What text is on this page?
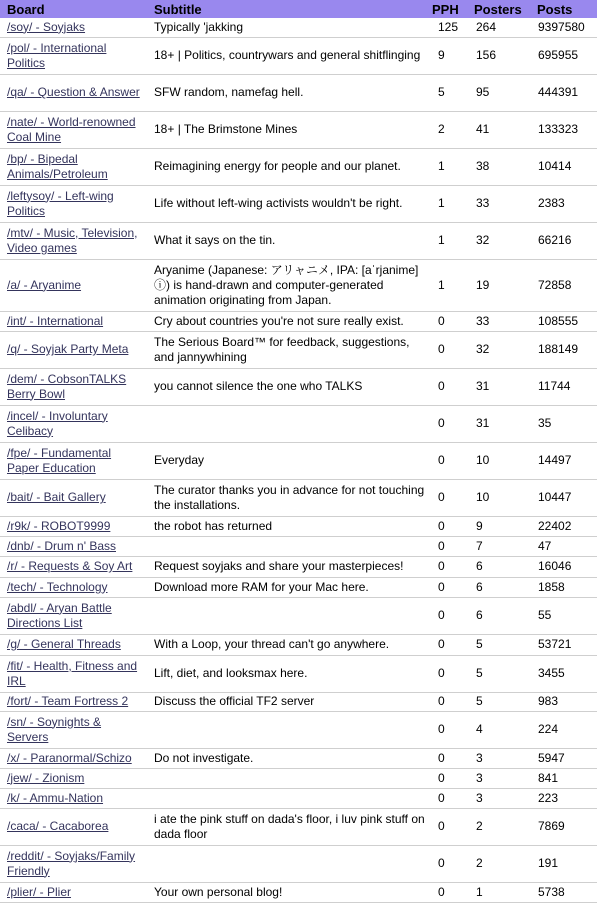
Board	Subtitle	PPH	Posters	Posts
/soy/ - Soyjaks	Typically 'jakking	125	264	9397580
/pol/ - International Politics	18+ | Politics, countrywars and general shitflinging	9	156	695955
/qa/ - Question & Answer	SFW random, namefag hell.	5	95	444391
/nate/ - World-renowned Coal Mine	18+ | The Brimstone Mines	2	41	133323
/bp/ - Bipedal Animals/Petroleum	Reimagining energy for people and our planet.	1	38	10414
/leftysoy/ - Left-wing Politics	Life without left-wing activists wouldn't be right.	1	33	2383
/mtv/ - Music, Television, Video games	What it says on the tin.	1	32	66216
/a/ - Aryanime	Aryanime (Japanese: アリャニメ, IPA: [aˈrjanime] ⓘ) is hand-drawn and computer-generated animation originating from Japan.	1	19	72858
/int/ - International	Cry about countries you're not sure really exist.	0	33	108555
/q/ - Soyjak Party Meta	The Serious Board™ for feedback, suggestions, and jannywhining	0	32	188149
/dem/ - CobsonTALKS Berry Bowl	you cannot silence the one who TALKS	0	31	11744
/incel/ - Involuntary Celibacy		0	31	35
/fpe/ - Fundamental Paper Education	Everyday	0	10	14497
/bait/ - Bait Gallery	The curator thanks you in advance for not touching the installations.	0	10	10447
/r9k/ - ROBOT9999	the robot has returned	0	9	22402
/dnb/ - Drum n' Bass		0	7	47
/r/ - Requests & Soy Art	Request soyjaks and share your masterpieces!	0	6	16046
/tech/ - Technology	Download more RAM for your Mac here.	0	6	1858
/abdl/ - Aryan Battle Directions List		0	6	55
/g/ - General Threads	With a Loop, your thread can't go anywhere.	0	5	53721
/fit/ - Health, Fitness and IRL	Lift, diet, and looksmax here.	0	5	3455
/fort/ - Team Fortress 2	Discuss the official TF2 server	0	5	983
/sn/ - Soynights & Servers		0	4	224
/x/ - Paranormal/Schizo	Do not investigate.	0	3	5947
/jew/ - Zionism		0	3	841
/k/ - Ammu-Nation		0	3	223
/caca/ - Cacaborea	i ate the pink stuff on dada's floor, i luv pink stuff on dada floor	0	2	7869
/reddit/ - Soyjaks/Family Friendly		0	2	191
/plier/ - Plier	Your own personal blog!	0	1	5738
